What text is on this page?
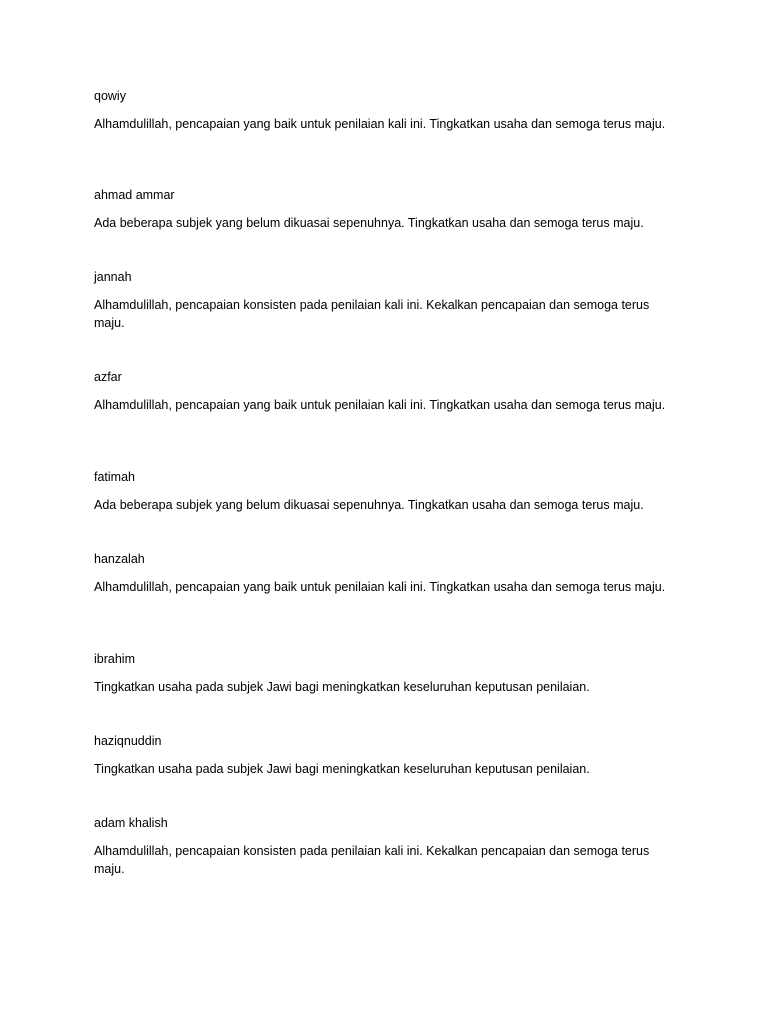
qowiy

Alhamdulillah, pencapaian yang baik untuk penilaian kali ini. Tingkatkan usaha dan semoga terus maju.

ahmad ammar

Ada beberapa subjek yang belum dikuasai sepenuhnya. Tingkatkan usaha dan semoga terus maju.

jannah

Alhamdulillah, pencapaian konsisten pada penilaian kali ini. Kekalkan pencapaian dan semoga terus maju.

azfar

Alhamdulillah, pencapaian yang baik untuk penilaian kali ini. Tingkatkan usaha dan semoga terus maju.

fatimah

Ada beberapa subjek yang belum dikuasai sepenuhnya. Tingkatkan usaha dan semoga terus maju.

hanzalah

Alhamdulillah, pencapaian yang baik untuk penilaian kali ini. Tingkatkan usaha dan semoga terus maju.

ibrahim

Tingkatkan usaha pada subjek Jawi bagi meningkatkan keseluruhan keputusan penilaian.

haziqnuddin

Tingkatkan usaha pada subjek Jawi bagi meningkatkan keseluruhan keputusan penilaian.

adam khalish

Alhamdulillah, pencapaian konsisten pada penilaian kali ini. Kekalkan pencapaian dan semoga terus maju.
